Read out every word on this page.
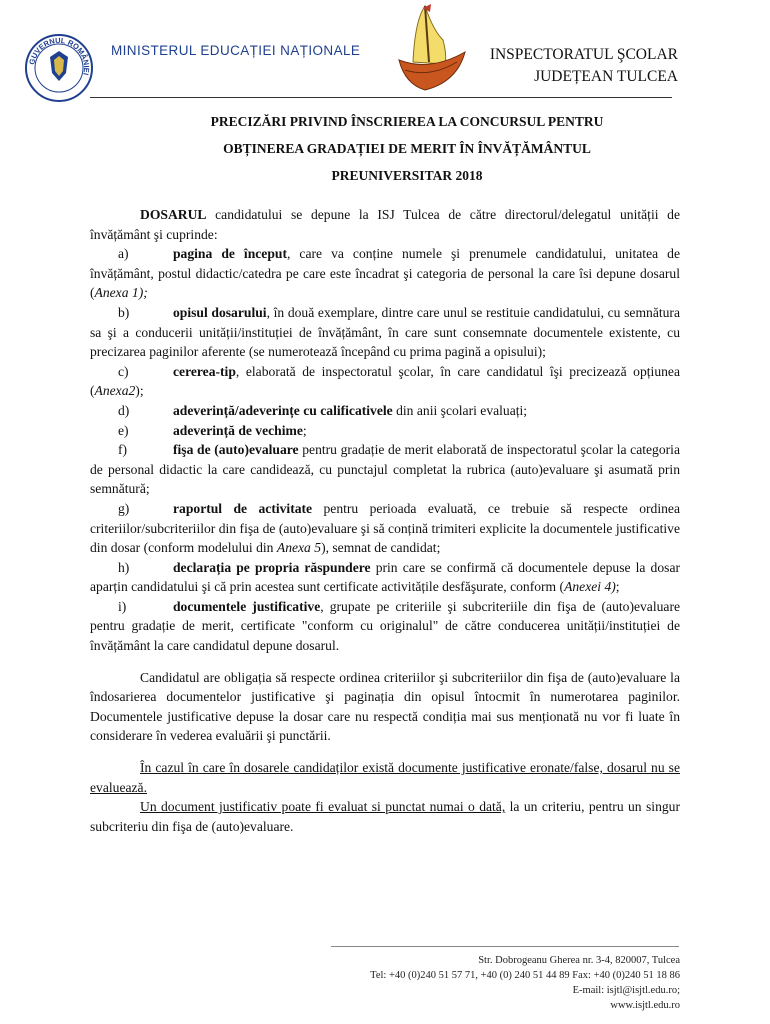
GUVERNUL ROMÂNIEI
MINISTERUL EDUCAȚIEI NAȚIONALE	INSPECTORATUL ŞCOLAR
JUDEȚEAN TULCEA
PRECIZĂRI PRIVIND ÎNSCRIEREA LA CONCURSUL PENTRU
OBȚINEREA GRADAȚIEI DE MERIT ÎN ÎNVĂȚĂMÂNTUL
PREUNIVERSITAR 2018

DOSARUL candidatului se depune la ISJ Tulcea de către directorul/delegatul unității de învățământ şi cuprinde:

a)	pagina de început, care va conține numele şi prenumele candidatului, unitatea de învățământ, postul didactic/catedra pe care este încadrat şi categoria de personal la care îsi depune dosarul (Anexa 1);

b)	opisul dosarului, în două exemplare, dintre care unul se restituie candidatului, cu semnătura sa şi a conducerii unității/instituției de învățământ, în care sunt consemnate documentele existente, cu precizarea paginilor aferente (se numerotează începând cu prima pagină a opisului);

c)	cererea-tip, elaborată de inspectoratul şcolar, în care candidatul îşi precizează opțiunea (Anexa2);

d)	adeverință/adeverințe cu calificativele din anii şcolari evaluați;

e)	adeverință de vechime;

f)	fişa de (auto)evaluare pentru gradație de merit elaborată de inspectoratul şcolar la categoria de personal didactic la care candidează, cu punctajul completat la rubrica (auto)evaluare şi asumată prin semnătură;

g)	raportul de activitate pentru perioada evaluată, ce trebuie să respecte ordinea criteriilor/subcriteriilor din fişa de (auto)evaluare şi să conțină trimiteri explicite la documentele justificative din dosar (conform modelului din Anexa 5), semnat de candidat;

h)	declarația pe propria răspundere prin care se confirmă că documentele depuse la dosar aparțin candidatului şi că prin acestea sunt certificate activitățile desfăşurate, conform (Anexei 4);

i)	documentele justificative, grupate pe criteriile şi subcriteriile din fişa de (auto)evaluare pentru gradație de merit, certificate "conform cu originalul" de către conducerea unității/instituției de învățământ la care candidatul depune dosarul.

Candidatul are obligația să respecte ordinea criteriilor şi subcriteriilor din fişa de (auto)evaluare la îndosarierea documentelor justificative şi paginația din opisul întocmit în numerotarea paginilor. Documentele justificative depuse la dosar care nu respectă condiția mai sus menționată nu vor fi luate în considerare în vederea evaluării şi punctării.

În cazul în care în dosarele candidaților există documente justificative eronate/false, dosarul nu se evaluează.

Un document justificativ poate fi evaluat si punctat numai o dată, la un criteriu, pentru un singur subcriteriu din fişa de (auto)evaluare.

Str. Dobrogeanu Gherea nr. 3-4, 820007, Tulcea
Tel: +40 (0)240 51 57 71, +40 (0) 240 51 44 89 Fax: +40 (0)240 51 18 86
E-mail: isjtl@isjtl.edu.ro;
www.isjtl.edu.ro
